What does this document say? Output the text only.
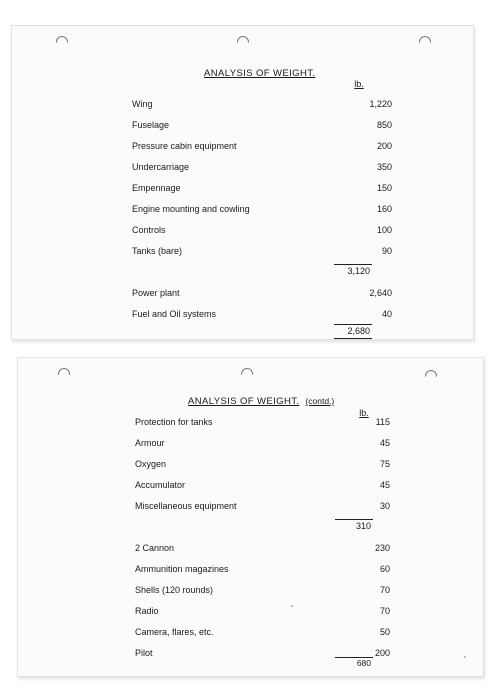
ANALYSIS OF WEIGHT.
lb.
Wing	1,220
Fuselage	850
Pressure cabin equipment	200
Undercarriage	350
Empennage	150
Engine mounting and cowling	160
Controls	100
Tanks (bare)	90
3,120
Power plant	2,640
Fuel and Oil systems	40
2,680
ANALYSIS OF WEIGHT. (contd.)
lb.
Protection for tanks	115
Armour	45
Oxygen	75
Accumulator	45
Miscellaneous equipment	30
310
2 Cannon	230
Ammunition magazines	60
Shells (120 rounds)	70
Radio	70
Camera, flares, etc.	50
Pilot	200
680
